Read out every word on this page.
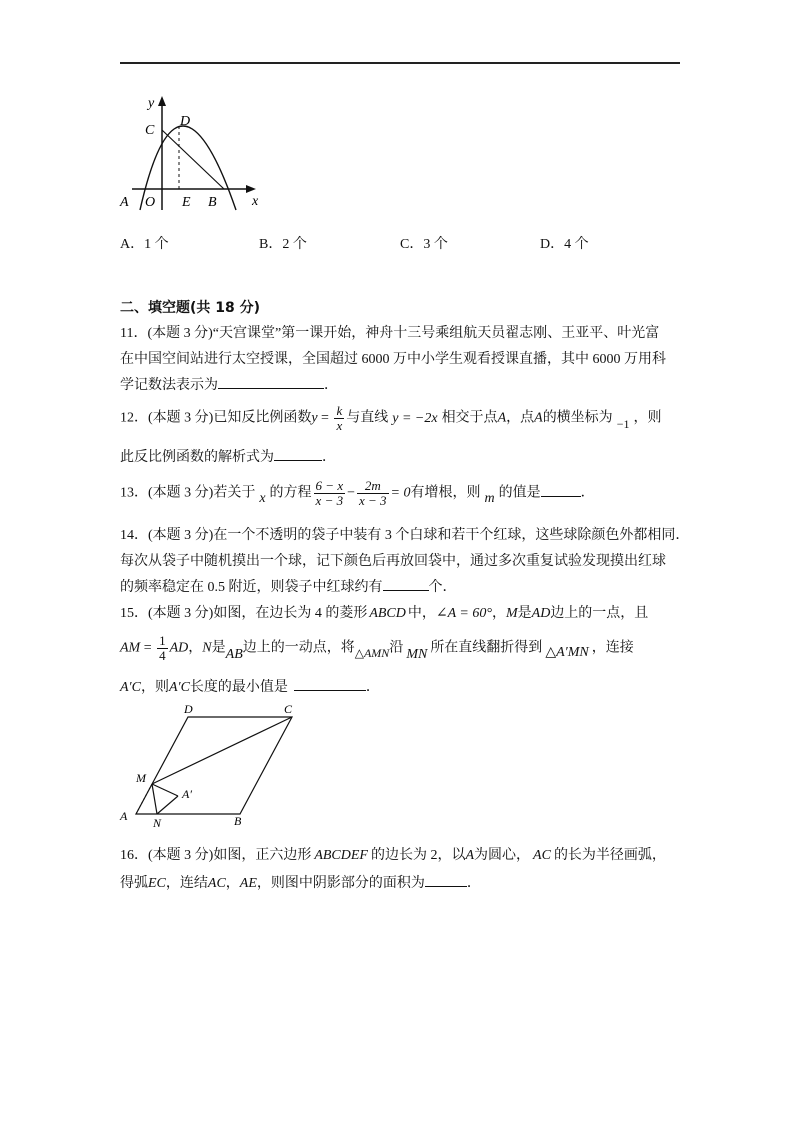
y
x
C
D
A O E B
A．1 个	B．2 个	C．3 个	D．4 个
二、填空题(共 18 分)
11．(本题 3 分)“天宫课堂”第一课开始，神舟十三号乘组航天员翟志刚、王亚平、叶光富
在中国空间站进行太空授课，全国超过 6000 万中小学生观看授课直播，其中 6000 万用科
学记数法表示为	．
12．(本题 3 分)已知反比例函数$y = \frac{k}{x}$ 与直线 y = −2x 相交于点A，点A的横坐标为 −1 ，则
此反比例函数的解析式为	．
13．(本题 3 分)若关于 x 的方程 $\frac{6 - x}{x - 3} - \frac{2m}{x - 3} = 0$有增根，则 m 的值是	．
14．(本题 3 分)在一个不透明的袋子中装有 3 个白球和若干个红球，这些球除颜色外都相同．
每次从袋子中随机摸出一个球，记下颜色后再放回袋中，通过多次重复试验发现摸出红球
的频率稳定在 0.5 附近，则袋子中红球约有	个．
15．(本题 3 分)如图，在边长为 4 的菱形 ABCD 中，∠A = 60°，M是AD边上的一点，且
AM = $\frac{1}{4}$ AD，N是AB边上的一动点，将△AMN沿 MN 所在直线翻折得到 △A′MN ，连接
A′C，则A′C长度的最小值是	．
D	C
M
A′
A N	B
16．(本题 3 分)如图，正六边形 ABCDEF 的边长为 2，以A为圆心， AC 的长为半径画弧，
得弧EC，连结AC，AE，则图中阴影部分的面积为	．
